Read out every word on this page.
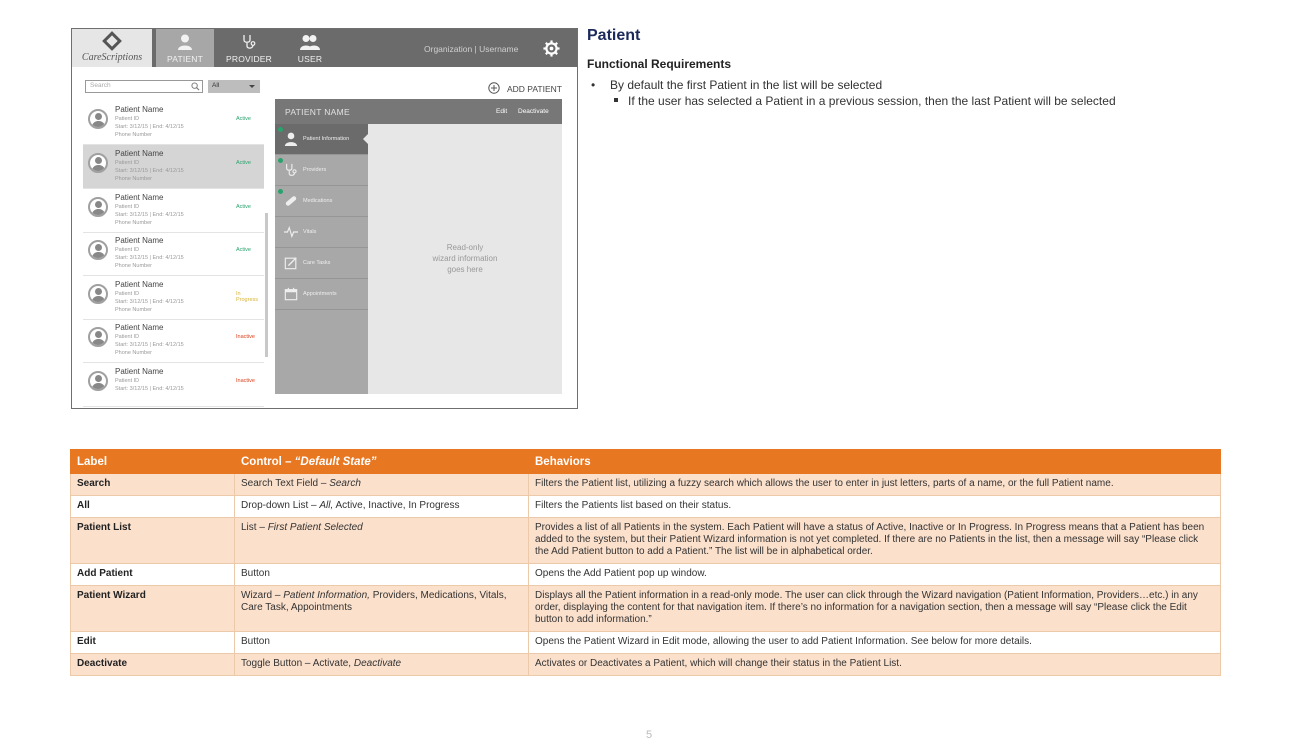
CareScriptions	PATIENT	PROVIDER	USER
Organization | Username
Search	All
Patient Name
Patient ID
Start: 3/12/15 | End: 4/12/15
Phone Number
Active
Patient Name
Patient ID
Start: 3/12/15 | End: 4/12/15
Phone Number
Active
Patient Name
Patient ID
Start: 3/12/15 | End: 4/12/15
Phone Number
Active
Patient Name
Patient ID
Start: 3/12/15 | End: 4/12/15
Phone Number
Active
Patient Name
Patient ID
Start: 3/12/15 | End: 4/12/15
Phone Number
In Progress
Patient Name
Patient ID
Start: 3/12/15 | End: 4/12/15
Phone Number
Inactive
Patient Name
Patient ID
Start: 3/12/15 | End: 4/12/15
Inactive
ADD PATIENT
PATIENT NAME	Edit Deactivate
Patient Information
Providers
Medications
Vitals
Care Tasks
Appointments
Read-only
wizard information
goes here
Patient
Functional Requirements
• By default the first Patient in the list will be selected
If the user has selected a Patient in a previous session, then the last Patient will be selected
Label	Control – “Default State”	Behaviors
Search	Search Text Field – Search	Filters the Patient list, utilizing a fuzzy search which allows the user to enter in just letters, parts of a name, or the full Patient name.
All	Drop-down List – All, Active, Inactive, In Progress	Filters the Patients list based on their status.
Patient List	List – First Patient Selected	Provides a list of all Patients in the system. Each Patient will have a status of Active, Inactive or In Progress. In Progress means that a Patient has been added to the system, but their Patient Wizard information is not yet completed. If there are no Patients in the list, then a message will say “Please click the Add Patient button to add a Patient.” The list will be in alphabetical order.
Add Patient	Button	Opens the Add Patient pop up window.
Patient Wizard	Wizard – Patient Information, Providers, Medications, Vitals, Care Task, Appointments	Displays all the Patient information in a read-only mode. The user can click through the Wizard navigation (Patient Information, Providers…etc.) in any order, displaying the content for that navigation item. If there’s no information for a navigation section, then a message will say “Please click the Edit button to add information.”
Edit	Button	Opens the Patient Wizard in Edit mode, allowing the user to add Patient Information. See below for more details.
Deactivate	Toggle Button – Activate, Deactivate	Activates or Deactivates a Patient, which will change their status in the Patient List.
5
